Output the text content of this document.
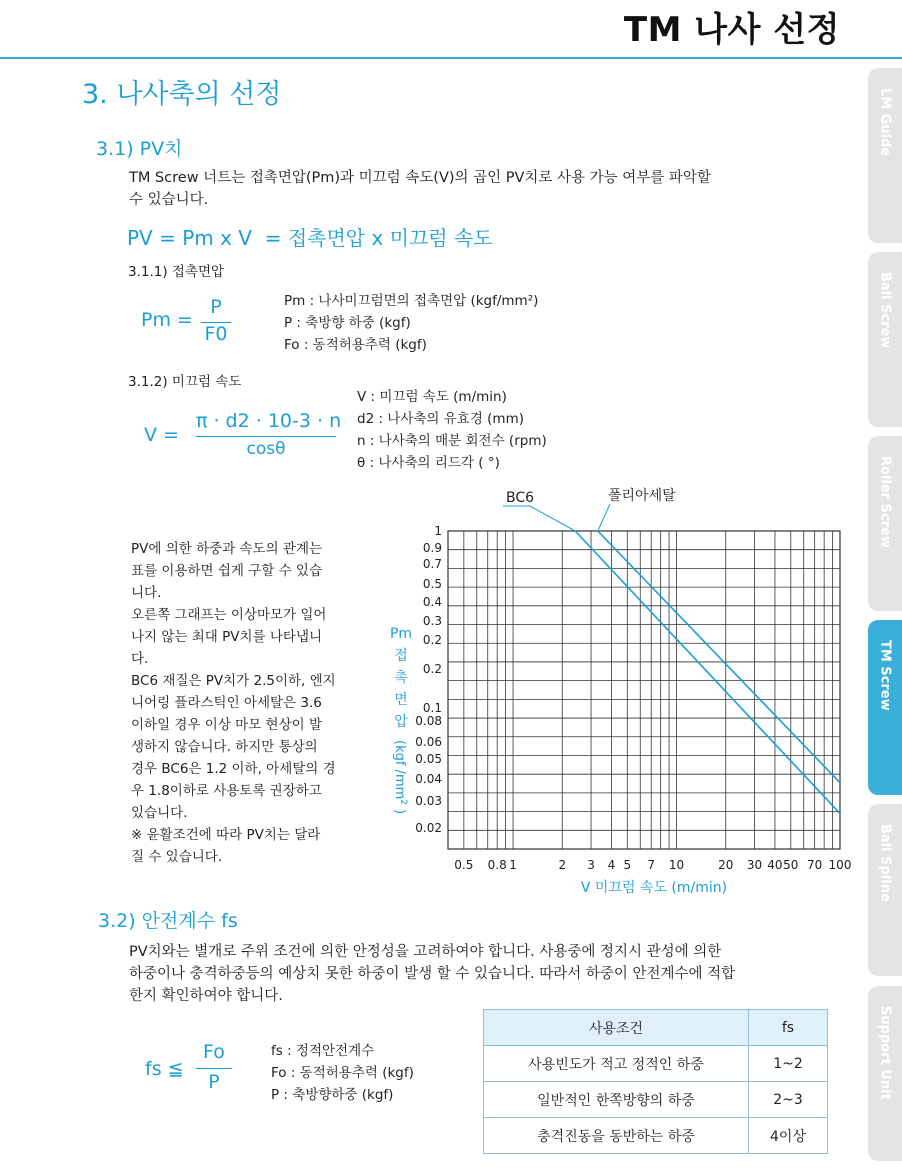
TM 나사 선정
LM Guide
Ball Screw
Roller Screw
TM Screw
Ball Spline
Support Unit
3. 나사축의 선정
3.1) PV치
TM Screw 너트는 접촉면압(Pm)과 미끄럼 속도(V)의 곱인 PV치로 사용 가능 여부를 파악할
수 있습니다.
PV = Pm x V  = 접촉면압 x 미끄럼 속도
3.1.1) 접촉면압
Pm =
P
F0
Pm : 나사미끄럼면의 접촉면압 (kgf/mm²)
P : 축방향 하중 (kgf)
Fo : 동적허용추력 (kgf)
3.1.2) 미끄럼 속도
V =
π · d2 · 10-3 · n
cosθ
V : 미끄럼 속도 (m/min)
d2 : 나사축의 유효경 (mm)
n : 나사축의 매분 회전수 (rpm)
θ : 나사축의 리드각 ( °)
PV에 의한 하중과 속도의 관계는
표를 이용하면 쉽게 구할 수 있습
니다.
오른쪽 그래프는 이상마모가 일어
나지 않는 최대 PV치를 나타냅니
다.
BC6 재질은 PV치가 2.5이하, 엔지
니어링 플라스틱인 아세탈은 3.6
이하일 경우 이상 마모 현상이 발
생하지 않습니다. 하지만 통상의
경우 BC6은 1.2 이하, 아세탈의 경
우 1.8이하로 사용토록 권장하고
있습니다.
※ 윤활조건에 따라 PV치는 달라
질 수 있습니다.
1
0.9
0.7
0.5
0.4
0.3
0.2
0.2
0.1
0.08
0.06
0.05
0.04
0.03
0.02
0.5 0.8 1	2 3 4 5 7 10	20 30 40 50 70 100
V 미끄럼 속도 (m/min)
Pm
접
촉
면
압
(kgf $/mm^2$ )
BC6	폴리아세탈
3.2) 안전계수 fs
PV치와는 별개로 주위 조건에 의한 안정성을 고려하여야 합니다. 사용중에 정지시 관성에 의한
하중이나 충격하중등의 예상치 못한 하중이 발생 할 수 있습니다. 따라서 하중이 안전계수에 적합
한지 확인하여야 합니다.
fs ≦
Fo
P
fs : 정적안전계수
Fo : 동적허용추력 (kgf)
P : 축방향하중 (kgf)
사용조건	fs
사용빈도가 적고 정적인 하중	1~2
일반적인 한쪽방향의 하중	2~3
충격진동을 동반하는 하중	4이상
